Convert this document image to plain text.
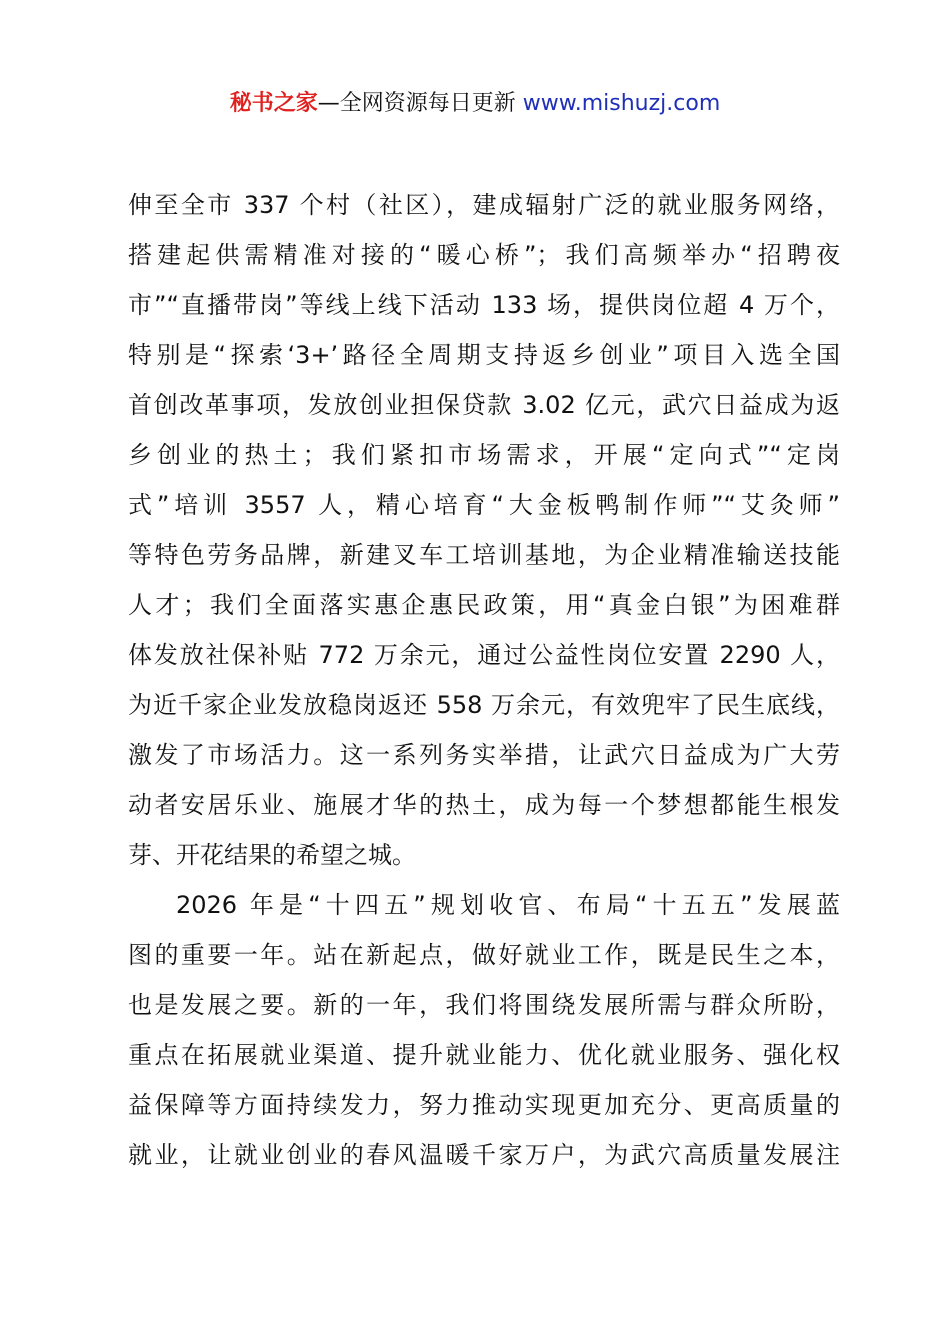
秘书之家—全网资源每日更新 www.mishuzj.com
伸至全市 337 个村（社区），建成辐射广泛的就业服务网络，
搭建起供需精准对接的“暖心桥”；我们高频举办“招聘夜
市”“直播带岗”等线上线下活动 133 场，提供岗位超 4 万个，
特别是“探索‘3+’路径全周期支持返乡创业”项目入选全国
首创改革事项，发放创业担保贷款 3.02 亿元，武穴日益成为返
乡创业的热土；我们紧扣市场需求，开展“定向式”“定岗
式”培训 3557 人，精心培育“大金板鸭制作师”“艾灸师”
等特色劳务品牌，新建叉车工培训基地，为企业精准输送技能
人才；我们全面落实惠企惠民政策，用“真金白银”为困难群
体发放社保补贴 772 万余元，通过公益性岗位安置 2290 人，
为近千家企业发放稳岗返还 558 万余元，有效兜牢了民生底线，
激发了市场活力。这一系列务实举措，让武穴日益成为广大劳
动者安居乐业、施展才华的热土，成为每一个梦想都能生根发
芽、开花结果的希望之城。
2026 年是“十四五”规划收官、布局“十五五”发展蓝
图的重要一年。站在新起点，做好就业工作，既是民生之本，
也是发展之要。新的一年，我们将围绕发展所需与群众所盼，
重点在拓展就业渠道、提升就业能力、优化就业服务、强化权
益保障等方面持续发力，努力推动实现更加充分、更高质量的
就业，让就业创业的春风温暖千家万户，为武穴高质量发展注
